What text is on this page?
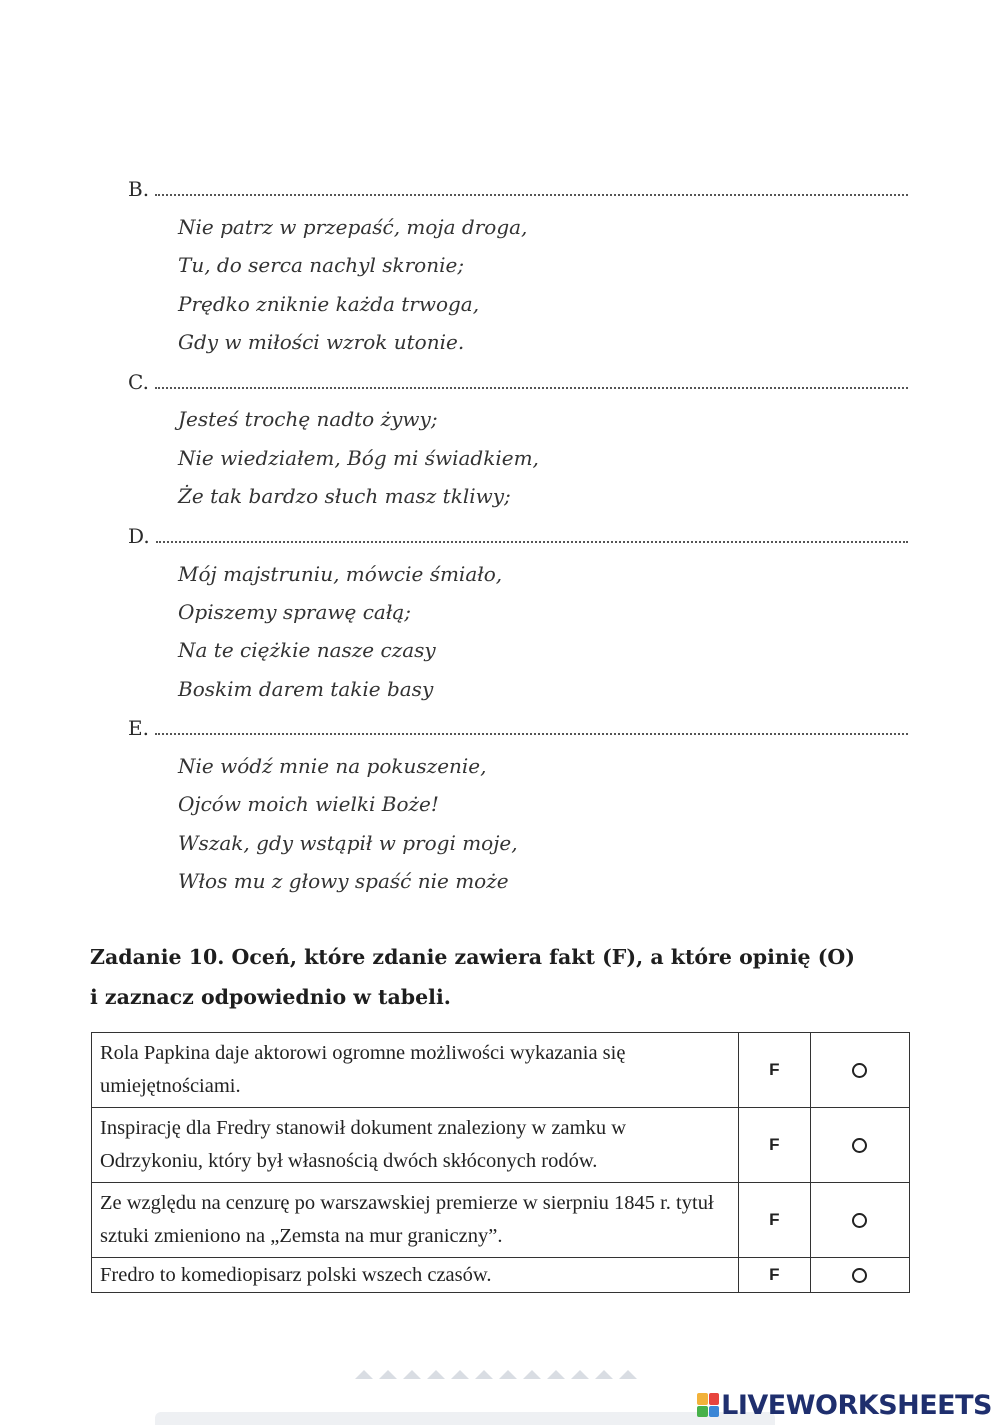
B.
Nie patrz w przepaść, moja droga,
Tu, do serca nachyl skronie;
Prędko zniknie każda trwoga,
Gdy w miłości wzrok utonie.
C.
Jesteś trochę nadto żywy;
Nie wiedziałem, Bóg mi świadkiem,
Że tak bardzo słuch masz tkliwy;
D.
Mój majstruniu, mówcie śmiało,
Opiszemy sprawę całą;
Na te ciężkie nasze czasy
Boskim darem takie basy
E.
Nie wódź mnie na pokuszenie,
Ojców moich wielki Boże!
Wszak, gdy wstąpił w progi moje,
Włos mu z głowy spaść nie może
Zadanie 10. Oceń, które zdanie zawiera fakt (F), a które opinię (O)
i zaznacz odpowiednio w tabeli.
Rola Papkina daje aktorowi ogromne możliwości wykazania się umiejętnościami.	F	
Inspirację dla Fredry stanowił dokument znaleziony w zamku w Odrzykoniu, który był własnością dwóch skłóconych rodów.	F	
Ze względu na cenzurę po warszawskiej premierze w sierpniu 1845 r. tytuł sztuki zmieniono na „Zemsta na mur graniczny”.	F	
Fredro to komediopisarz polski wszech czasów.	F	
LIVEWORKSHEETS
